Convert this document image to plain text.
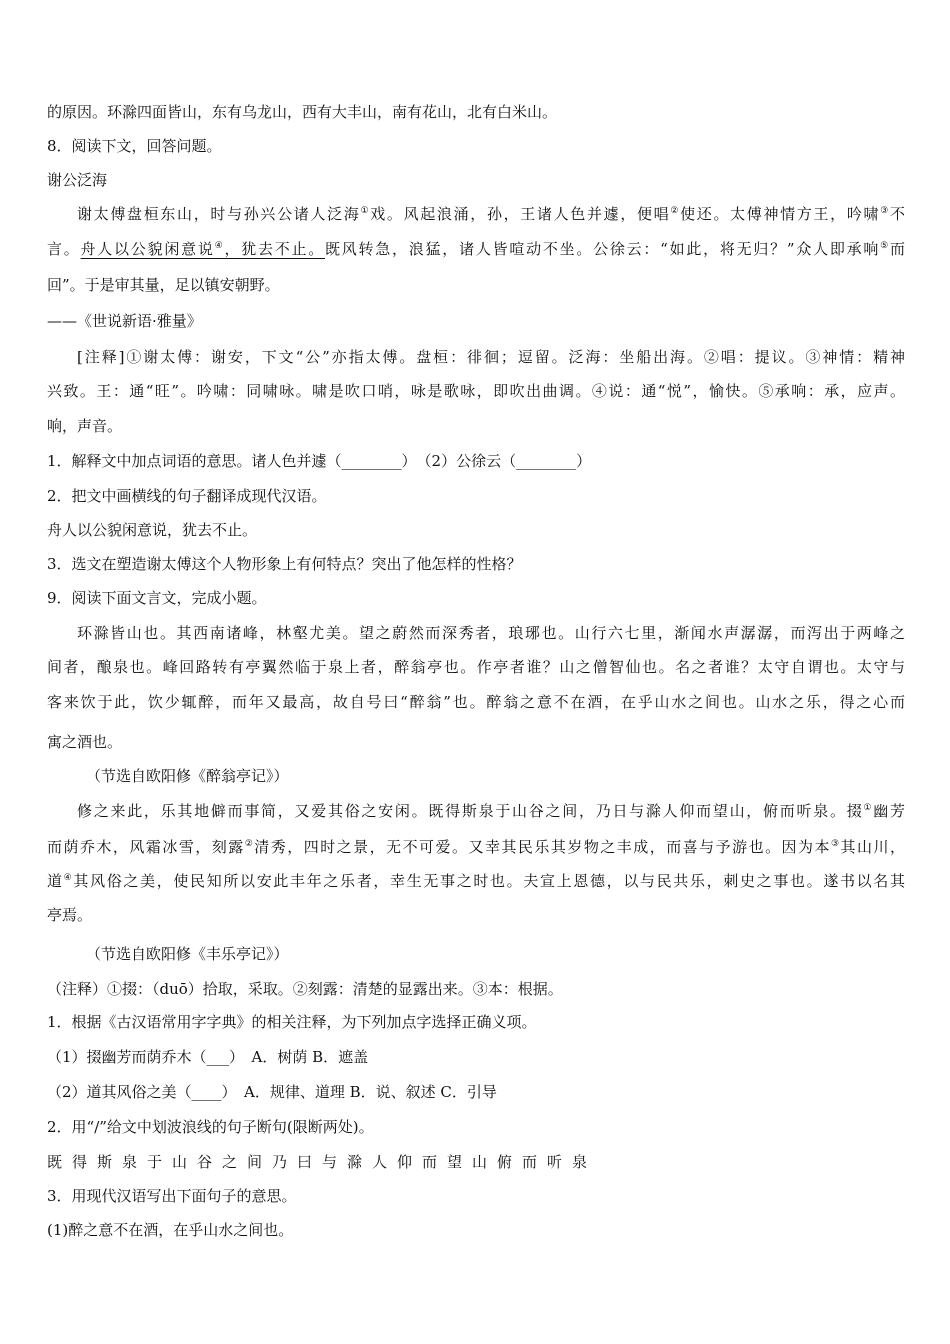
的原因。环滁四面皆山，东有乌龙山，西有大丰山，南有花山，北有白米山。
8．阅读下文，回答问题。
谢公泛海
谢太傅盘桓东山，时与孙兴公诸人泛海①戏。风起浪涌，孙，王诸人色并遽，便唱②使还。太傅神情方王，吟啸③不
言。舟人以公貌闲意说④，犹去不止。既风转急，浪猛，诸人皆喧动不坐。公徐云：“如此，将无归？”众人即承响⑤而
回”。于是审其量，足以镇安朝野。
——《世说新语·雅量》
[注释]①谢太傅：谢安，下文“公”亦指太傅。盘桓：徘徊；逗留。泛海：坐船出海。②唱：提议。③神情：精神
兴致。王：通“旺”。吟啸：同啸咏。啸是吹口哨，咏是歌咏，即吹出曲调。④说：通“悦”，愉快。⑤承响：承，应声。
响，声音。
1．解释文中加点词语的意思。诸人色并遽（________）　（2）公徐云（________）
2．把文中画横线的句子翻译成现代汉语。
舟人以公貌闲意说，犹去不止。
3．选文在塑造谢太傅这个人物形象上有何特点？突出了他怎样的性格？
9．阅读下面文言文，完成小题。
环滁皆山也。其西南诸峰，林壑尤美。望之蔚然而深秀者，琅琊也。山行六七里，渐闻水声潺潺，而泻出于两峰之
间者，酿泉也。峰回路转有亭翼然临于泉上者，醉翁亭也。作亭者谁？山之僧智仙也。名之者谁？太守自谓也。太守与
客来饮于此，饮少辄醉，而年又最高，故自号曰“醉翁”也。醉翁之意不在酒，在乎山水之间也。山水之乐，得之心而
寓之酒也。
（节选自欧阳修《醉翁亭记》）
修之来此，乐其地僻而事简，又爱其俗之安闲。既得斯泉于山谷之间，乃日与滁人仰而望山，俯而听泉。掇①幽芳
而荫乔木，风霜冰雪，刻露②清秀，四时之景，无不可爱。又幸其民乐其岁物之丰成，而喜与予游也。因为本③其山川，
道④其风俗之美，使民知所以安此丰年之乐者，幸生无事之时也。夫宣上恩德，以与民共乐，刺史之事也。遂书以名其
亭焉。
（节选自欧阳修《丰乐亭记》）
（注释）①掇：（duō）拾取，采取。②刻露：清楚的显露出来。③本：根据。
1．根据《古汉语常用字字典》的相关注释，为下列加点字选择正确义项。
（1）掇幽芳而荫乔木（___）　A．树荫 B．遮盖
（2）道其风俗之美（____）　A．规律、道理 B．说、叙述 C．引导
2．用“/”给文中划波浪线的句子断句(限断两处)。
既得斯泉于山谷之间乃曰与滁人仰而望山俯而听泉
3．用现代汉语写出下面句子的意思。
(1)醉之意不在酒，在乎山水之间也。
